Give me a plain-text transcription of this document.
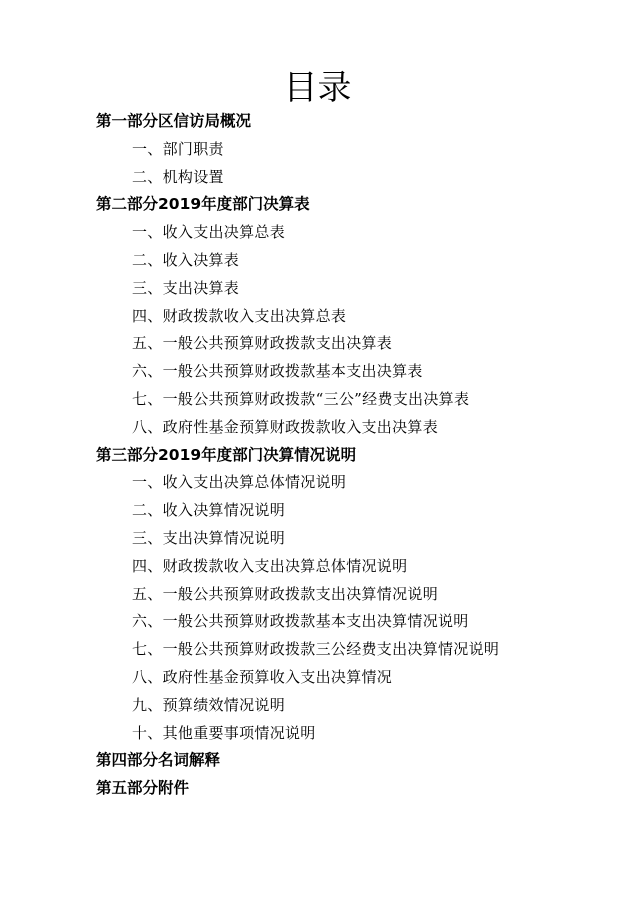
目录
第一部分区信访局概况
一、部门职责
二、机构设置
第二部分2019年度部门决算表
一、收入支出决算总表
二、收入决算表
三、支出决算表
四、财政拨款收入支出决算总表
五、一般公共预算财政拨款支出决算表
六、一般公共预算财政拨款基本支出决算表
七、一般公共预算财政拨款“三公”经费支出决算表
八、政府性基金预算财政拨款收入支出决算表
第三部分2019年度部门决算情况说明
一、收入支出决算总体情况说明
二、收入决算情况说明
三、支出决算情况说明
四、财政拨款收入支出决算总体情况说明
五、一般公共预算财政拨款支出决算情况说明
六、一般公共预算财政拨款基本支出决算情况说明
七、一般公共预算财政拨款三公经费支出决算情况说明
八、政府性基金预算收入支出决算情况
九、预算绩效情况说明
十、其他重要事项情况说明
第四部分名词解释
第五部分附件
